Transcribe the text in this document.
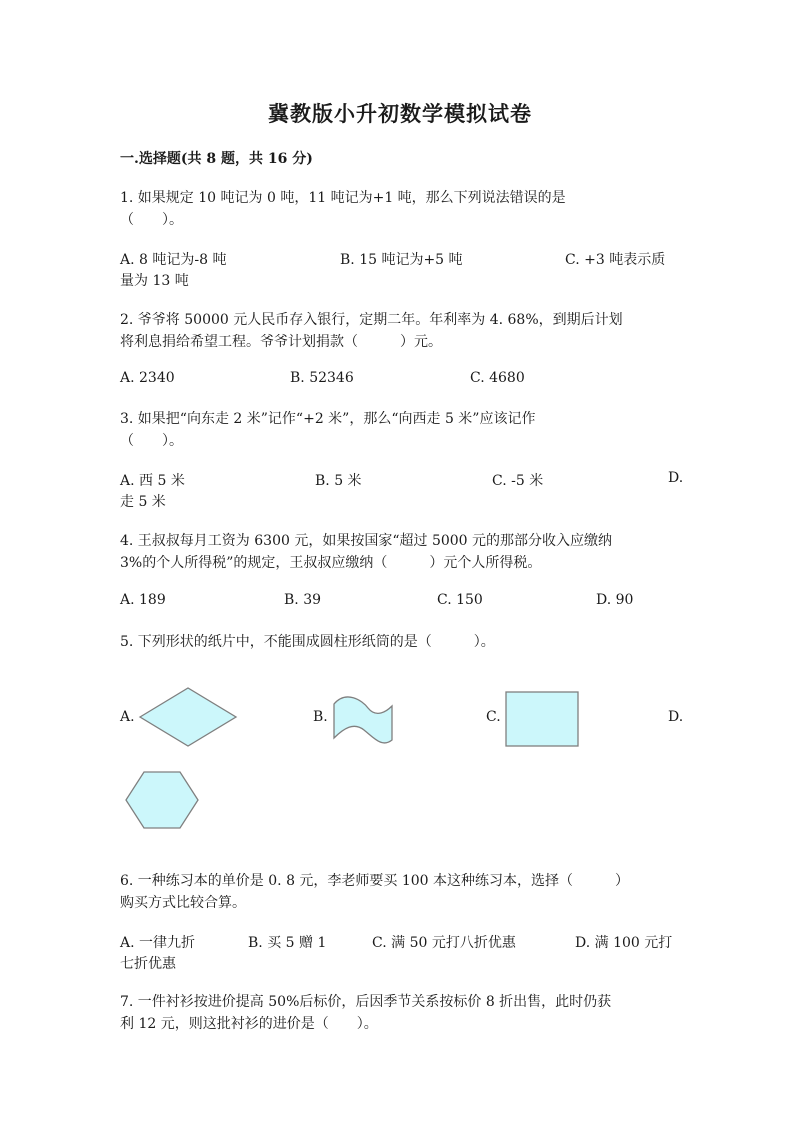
冀教版小升初数学模拟试卷
一.选择题(共 8 题，共 16 分)
1. 如果规定 10 吨记为 0 吨，11 吨记为+1 吨，那么下列说法错误的是
（　　）。
A. 8 吨记为-8 吨	B. 15 吨记为+5 吨	C. +3 吨表示质
量为 13 吨
2. 爷爷将 50000 元人民币存入银行，定期二年。年利率为 4. 68%，到期后计划
将利息捐给希望工程。爷爷计划捐款（　　　）元。
A. 2340	B. 52346	C. 4680
3. 如果把“向东走 2 米”记作“+2 米”，那么“向西走 5 米”应该记作
（　　）。
A. 西 5 米	B. 5 米	C. -5 米	D.
走 5 米
4. 王叔叔每月工资为 6300 元，如果按国家“超过 5000 元的那部分收入应缴纳
3%的个人所得税”的规定，王叔叔应缴纳（　　　）元个人所得税。
A. 189	B. 39	C. 150	D. 90
5. 下列形状的纸片中，不能围成圆柱形纸筒的是（　　　）。
A.	B.	C.	D.
6. 一种练习本的单价是 0. 8 元，李老师要买 100 本这种练习本，选择（　　　）
购买方式比较合算。
A. 一律九折	B. 买 5 赠 1	C. 满 50 元打八折优惠	D. 满 100 元打
七折优惠
7. 一件衬衫按进价提高 50%后标价，后因季节关系按标价 8 折出售，此时仍获
利 12 元，则这批衬衫的进价是（　　）。
